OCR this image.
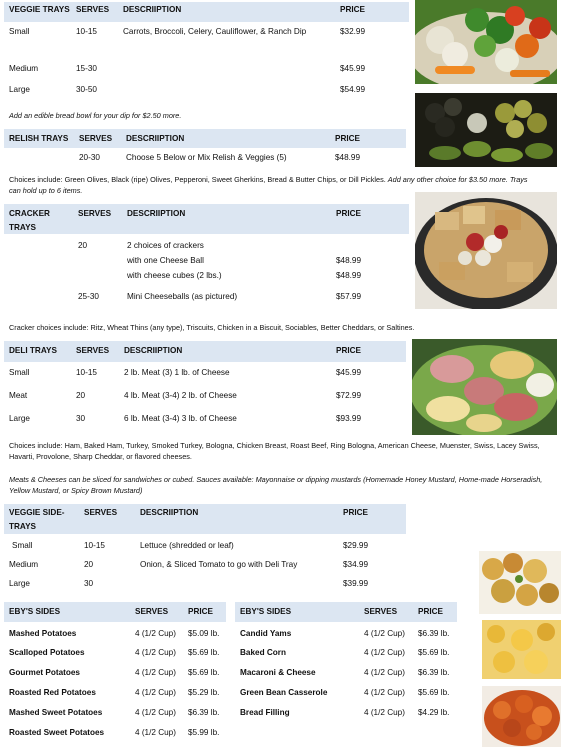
VEGGIE TRAYS SERVES DESCRIIPTION	PRICE
Small	10-15	Carrots, Broccoli, Celery, Cauliflower, & Ranch Dip	$32.99
Medium	15-30	$45.99
Large	30-50	$54.99
Add an edible bread bowl for your dip for $2.50 more.
RELISH TRAYS SERVES DESCRIIPTION	PRICE
20-30	Choose 5 Below or Mix Relish & Veggies (5)	$48.99
Choices include: Green Olives, Black (ripe) Olives, Pepperoni, Sweet Gherkins, Bread & Butter Chips, or Dill Pickles. Add any other choice for $3.50 more. Trays can hold up to 6 items.
CRACKER
TRAYS
SERVES DESCRIIPTION	PRICE
20	2 choices of crackers
with one Cheese Ball	$48.99
with cheese cubes (2 lbs.)	$48.99
25-30	Mini Cheeseballs (as pictured)	$57.99
Cracker choices include: Ritz, Wheat Thins (any type), Triscuits, Chicken in a Biscuit, Sociables, Better Cheddars, or Saltines.
DELI TRAYS SERVES DESCRIIPTION	PRICE
Small	10-15	2 lb. Meat (3) 1 lb. of Cheese	$45.99
Meat	20	4 lb. Meat (3-4) 2 lb. of Cheese	$72.99
Large	30	6 lb. Meat (3-4) 3 lb. of Cheese	$93.99
Choices include: Ham, Baked Ham, Turkey, Smoked Turkey, Bologna, Chicken Breast, Roast Beef, Ring Bologna, American Cheese, Muenster, Swiss, Lacey Swiss, Havarti, Provolone, Sharp Cheddar, or flavored cheeses.
Meats & Cheeses can be sliced for sandwiches or cubed. Sauces available: Mayonnaise or dipping mustards (Homemade Honey Mustard, Home-made Horseradish, Yellow Mustard, or Spicy Brown Mustard)
VEGGIE SIDE-
TRAYS
SERVES	DESCRIIPTION	PRICE
Small	10-15	Lettuce (shredded or leaf)	$29.99
Medium	20	Onion, & Sliced Tomato to go with Deli Tray	$34.99
Large	30	$39.99
EBY'S SIDES	SERVES PRICE
Mashed Potatoes	4 (1/2 Cup) $5.09 lb.
Scalloped Potatoes	4 (1/2 Cup) $5.69 lb.
Gourmet Potatoes	4 (1/2 Cup) $5.69 lb.
Roasted Red Potatoes	4 (1/2 Cup) $5.29 lb.
Mashed Sweet Potatoes	4 (1/2 Cup) $6.39 lb.
Roasted Sweet Potatoes	4 (1/2 Cup) $5.99 lb.
EBY'S SIDES	SERVES	PRICE
Candid Yams	4 (1/2 Cup) $6.39 lb.
Baked Corn	4 (1/2 Cup) $5.69 lb.
Macaroni & Cheese	4 (1/2 Cup) $6.39 lb.
Green Bean Casserole	4 (1/2 Cup) $5.69 lb.
Bread Filling	4 (1/2 Cup) $4.29 lb.
